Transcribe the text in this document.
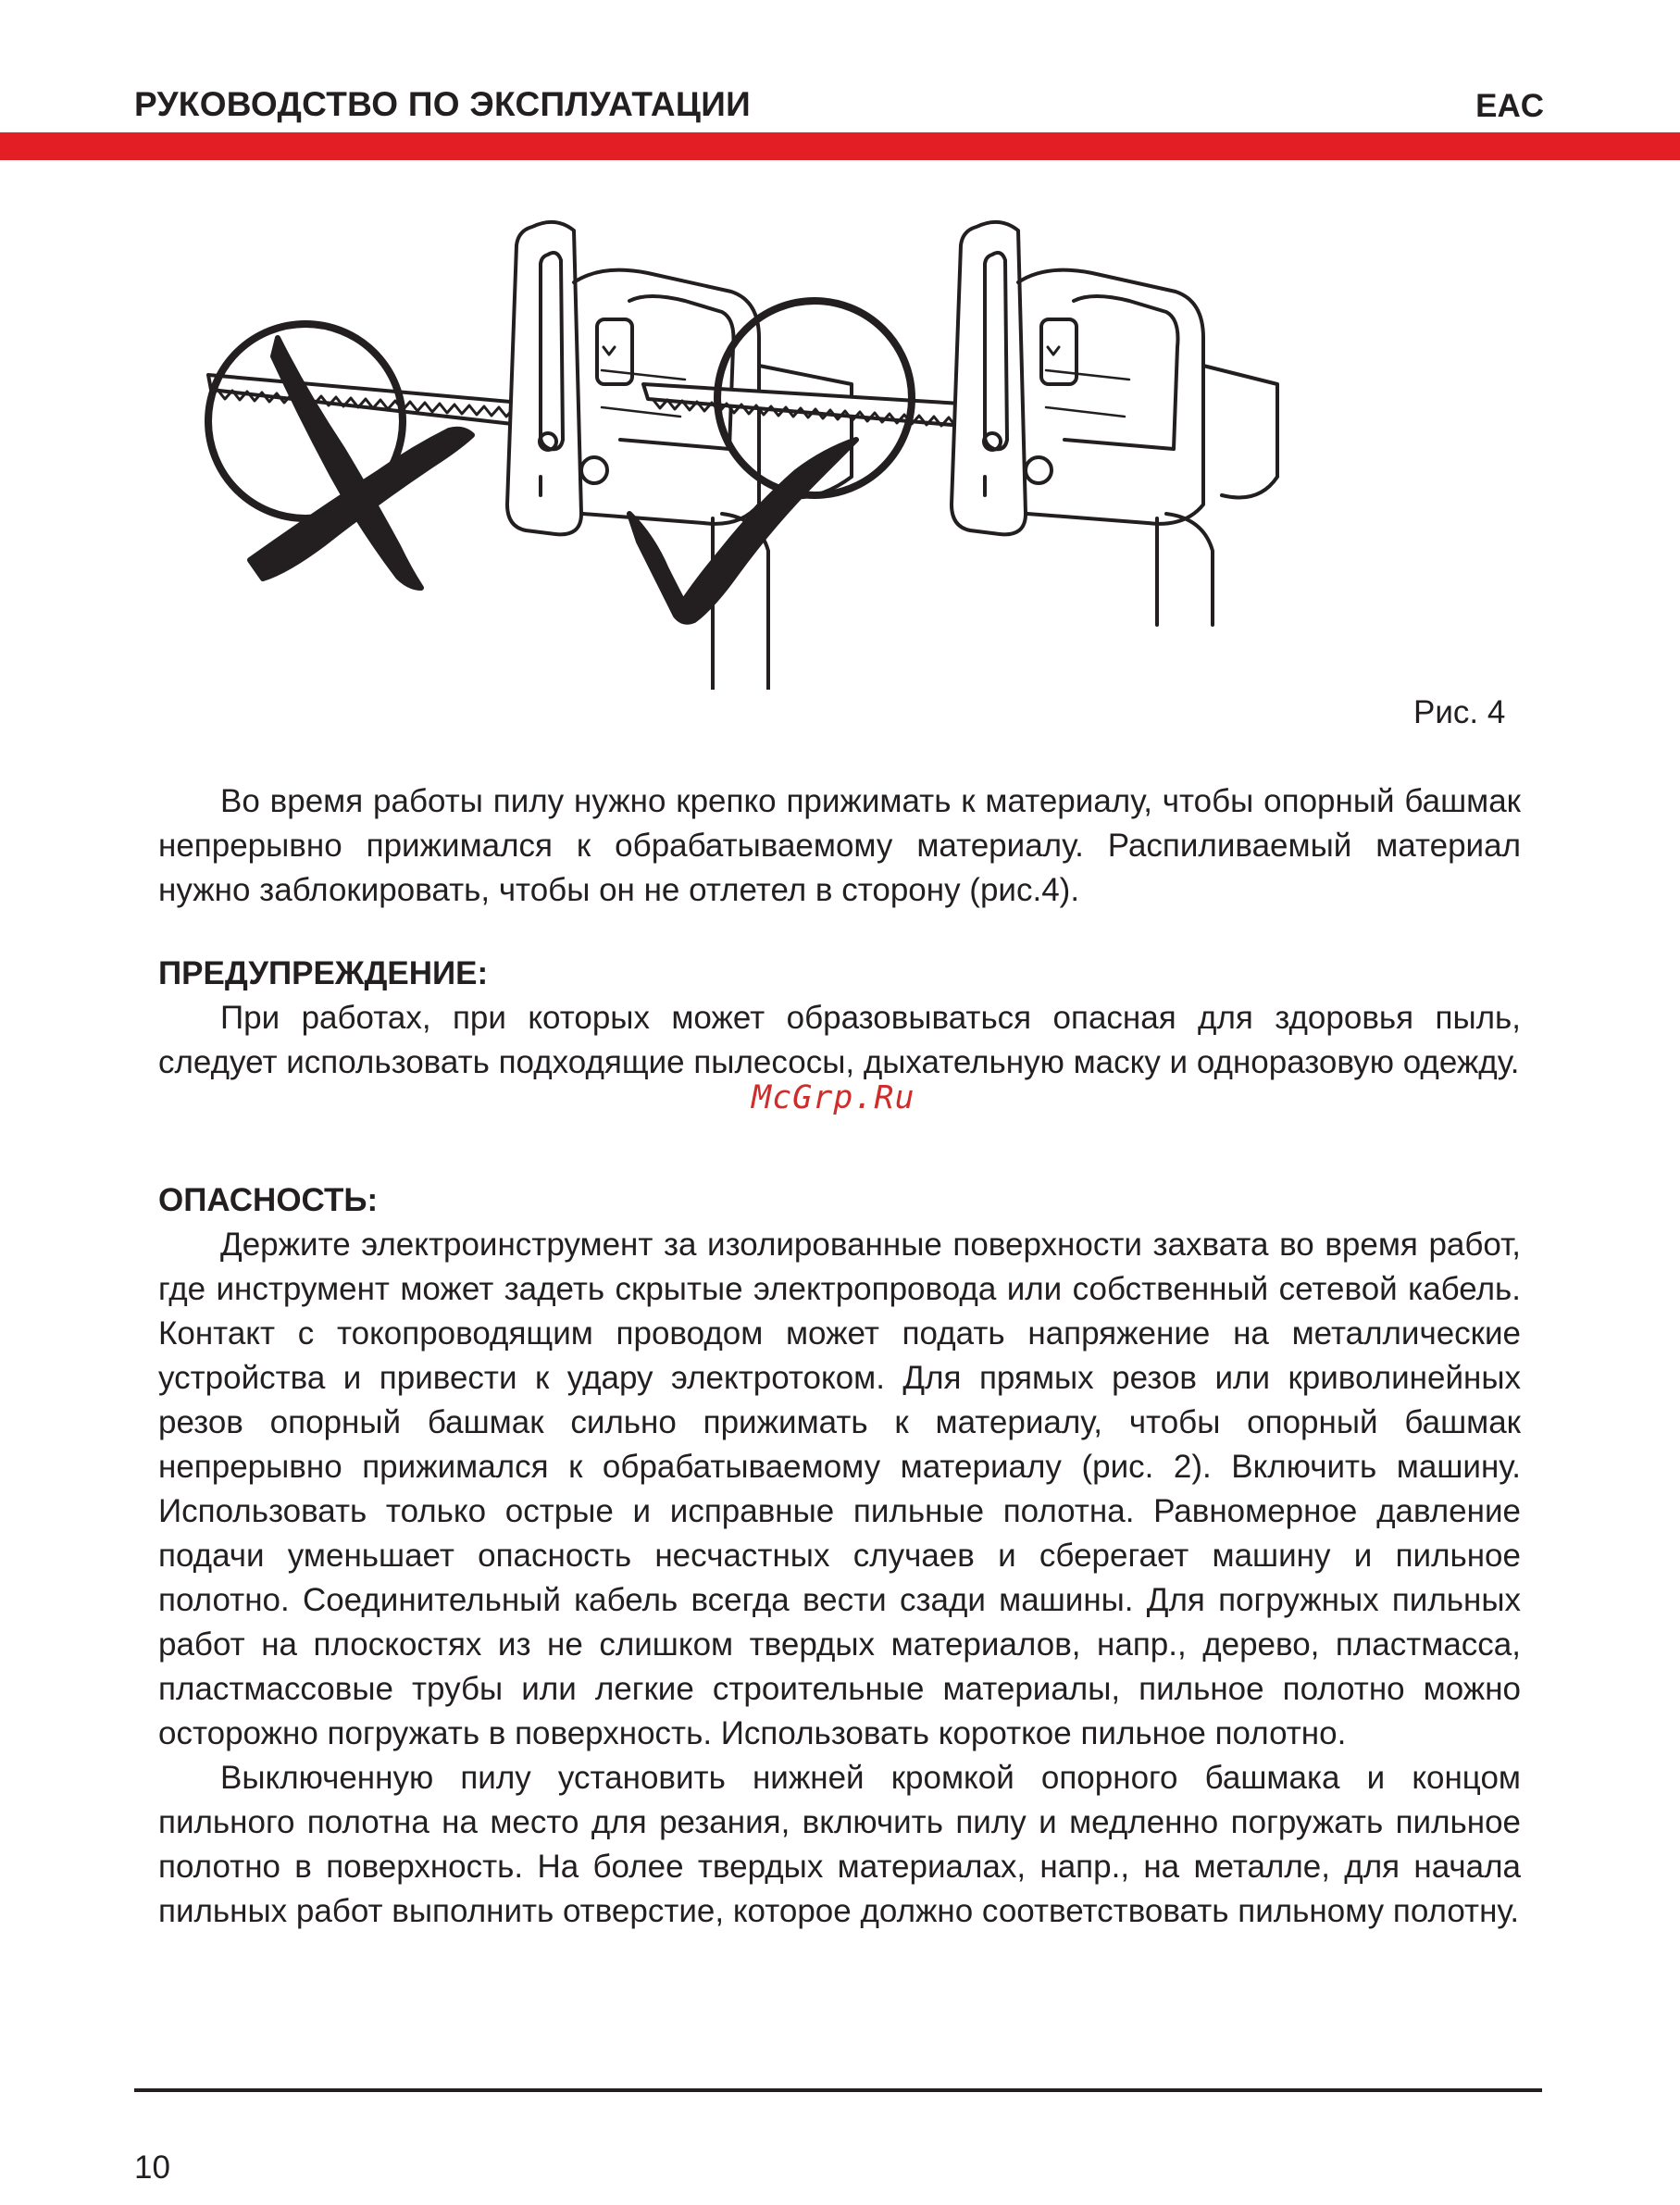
РУКОВОДСТВО ПО ЭКСПЛУАТАЦИИ	EAC
Рис. 4

Во время работы пилу нужно крепко прижимать к материалу, чтобы опорный башмак непрерывно прижимался к обрабатываемому материалу. Распиливаемый материал нужно заблокировать, чтобы он не отлетел в сторону (рис.4).

ПРЕДУПРЕЖДЕНИЕ:

При работах, при которых может образовываться опасная для здоровья пыль, следует использовать подходящие пылесосы, дыхательную маску и одноразовую одежду.

McGrp.Ru

ОПАСНОСТЬ:

Держите электроинструмент за изолированные поверхности захвата во время работ, где инструмент может задеть скрытые электропровода или собственный сетевой кабель. Контакт с токопроводящим проводом может подать напряжение на металлические устройства и привести к удару электротоком. Для прямых резов или криволинейных резов опорный башмак сильно прижимать к материалу, чтобы опорный башмак непрерывно прижимался к обрабатываемому материалу (рис. 2). Включить машину. Использовать только острые и исправные пильные полотна. Равномерное давление подачи уменьшает опасность несчастных случаев и сберегает машину и пильное полотно. Соединительный кабель всегда вести сзади машины. Для погружных пильных работ на плоскостях из не слишком твердых материалов, напр., дерево, пластмасса, пластмассовые трубы или легкие строительные материалы, пильное полотно можно осторожно погружать в поверхность. Использовать короткое пильное полотно.

Выключенную пилу установить нижней кромкой опорного башмака и концом пильного полотна на место для резания, включить пилу и медленно погружать пильное полотно в поверхность. На более твердых материалах, напр., на металле, для начала пильных работ выполнить отверстие, которое должно соответствовать пильному полотну.

10
